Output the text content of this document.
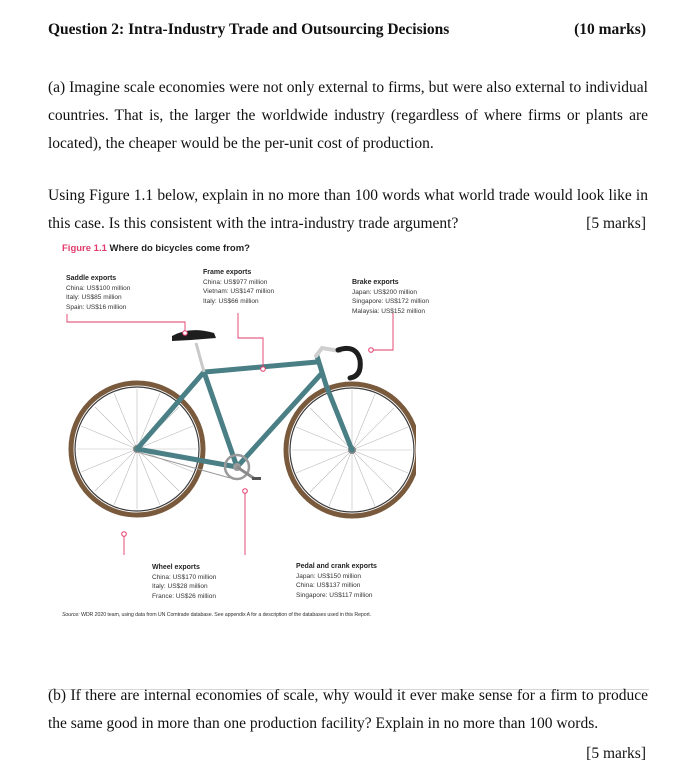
Question 2: Intra-Industry Trade and Outsourcing Decisions	(10 marks)
(a) Imagine scale economies were not only external to firms, but were also external to individual countries. That is, the larger the worldwide industry (regardless of where firms or plants are located), the cheaper would be the per-unit cost of production.
Using Figure 1.1 below, explain in no more than 100 words what world trade would look like in this case. Is this consistent with the intra-industry trade argument?	[5 marks]
Figure 1.1 Where do bicycles come from?
Saddle exports
China: US$100 million
Italy: US$85 million
Spain: US$16 million
Frame exports
China: US$977 million
Vietnam: US$147 million
Italy: US$66 million
Brake exports
Japan: US$200 million
Singapore: US$172 million
Malaysia: US$152 million
Wheel exports
China: US$170 million
Italy: US$28 million
France: US$26 million
Pedal and crank exports
Japan: US$150 million
China: US$137 million
Singapore: US$117 million
Source: WDR 2020 team, using data from UN Comtrade database. See appendix A for a description of the databases used in this Report.
(b) If there are internal economies of scale, why would it ever make sense for a firm to produce the same good in more than one production facility? Explain in no more than 100 words.
[5 marks]
